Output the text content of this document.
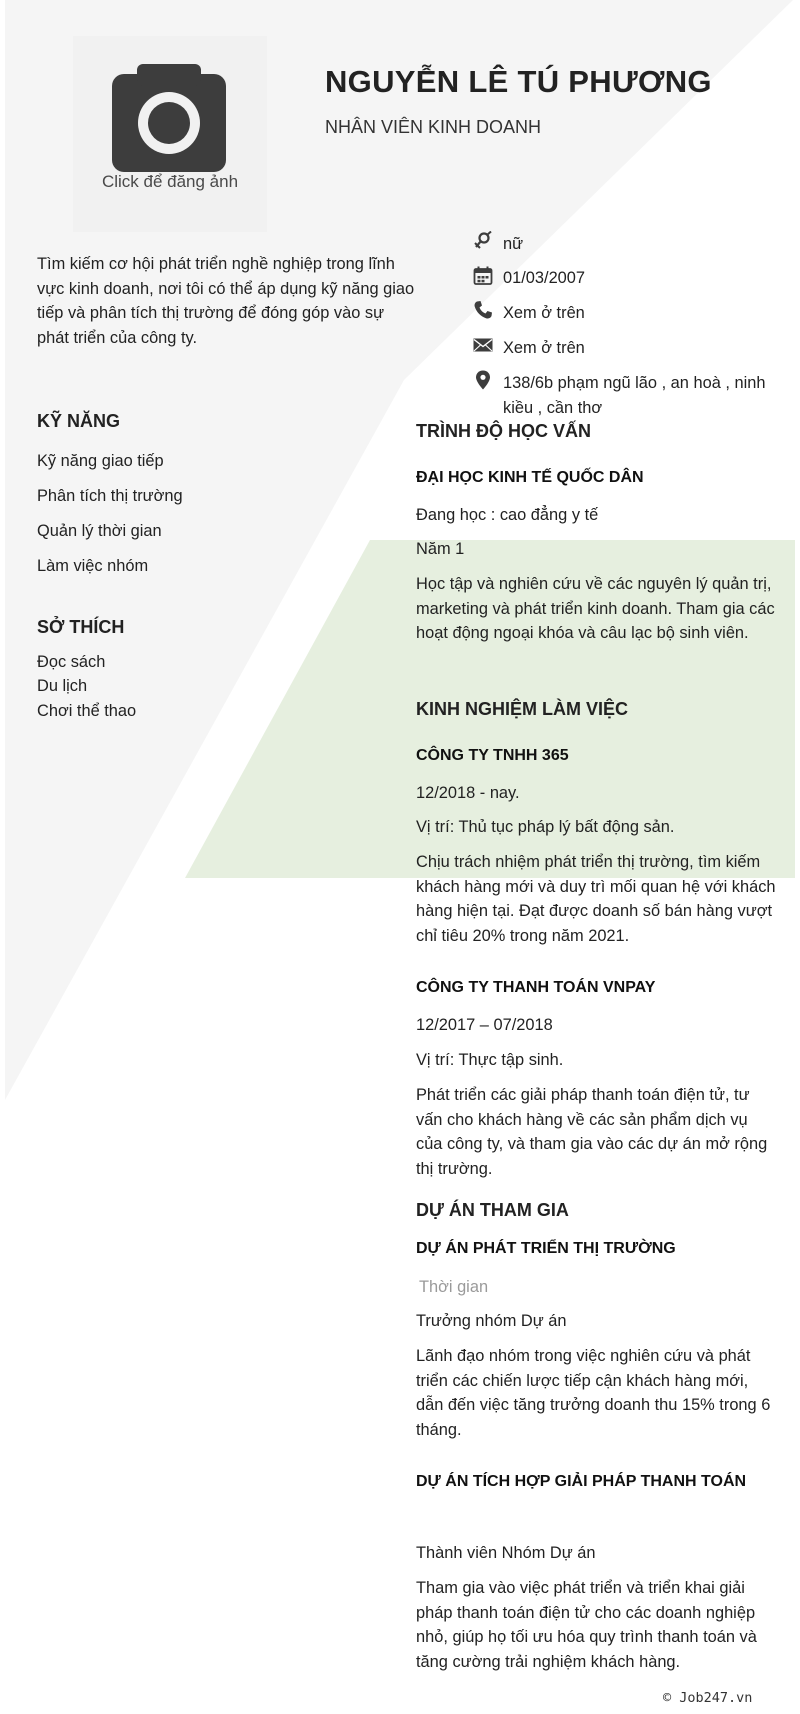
Click để đăng ảnh
NGUYỄN LÊ TÚ PHƯƠNG
NHÂN VIÊN KINH DOANH
Tìm kiếm cơ hội phát triển nghề nghiệp trong lĩnh vực kinh doanh, nơi tôi có thể áp dụng kỹ năng giao tiếp và phân tích thị trường để đóng góp vào sự phát triển của công ty.
nữ
01/03/2007
Xem ở trên
Xem ở trên
138/6b phạm ngũ lão , an hoà , ninh kiều , cần thơ
KỸ NĂNG
Kỹ năng giao tiếp
Phân tích thị trường
Quản lý thời gian
Làm việc nhóm
SỞ THÍCH
Đọc sách
Du lịch
Chơi thể thao
TRÌNH ĐỘ HỌC VẤN
ĐẠI HỌC KINH TẾ QUỐC DÂN
Đang học : cao đẳng y tế
Năm 1
Học tập và nghiên cứu về các nguyên lý quản trị, marketing và phát triển kinh doanh. Tham gia các hoạt động ngoại khóa và câu lạc bộ sinh viên.
KINH NGHIỆM LÀM VIỆC
CÔNG TY TNHH 365
12/2018 - nay.
Vị trí: Thủ tục pháp lý bất động sản.
Chịu trách nhiệm phát triển thị trường, tìm kiếm khách hàng mới và duy trì mối quan hệ với khách hàng hiện tại. Đạt được doanh số bán hàng vượt chỉ tiêu 20% trong năm 2021.
CÔNG TY THANH TOÁN VNPAY
12/2017 – 07/2018
Vị trí: Thực tập sinh.
Phát triển các giải pháp thanh toán điện tử, tư vấn cho khách hàng về các sản phẩm dịch vụ của công ty, và tham gia vào các dự án mở rộng thị trường.
DỰ ÁN THAM GIA
DỰ ÁN PHÁT TRIỂN THỊ TRƯỜNG
Thời gian
Trưởng nhóm Dự án
Lãnh đạo nhóm trong việc nghiên cứu và phát triển các chiến lược tiếp cận khách hàng mới, dẫn đến việc tăng trưởng doanh thu 15% trong 6 tháng.
DỰ ÁN TÍCH HỢP GIẢI PHÁP THANH TOÁN
Thành viên Nhóm Dự án
Tham gia vào việc phát triển và triển khai giải pháp thanh toán điện tử cho các doanh nghiệp nhỏ, giúp họ tối ưu hóa quy trình thanh toán và tăng cường trải nghiệm khách hàng.
© Job247.vn
